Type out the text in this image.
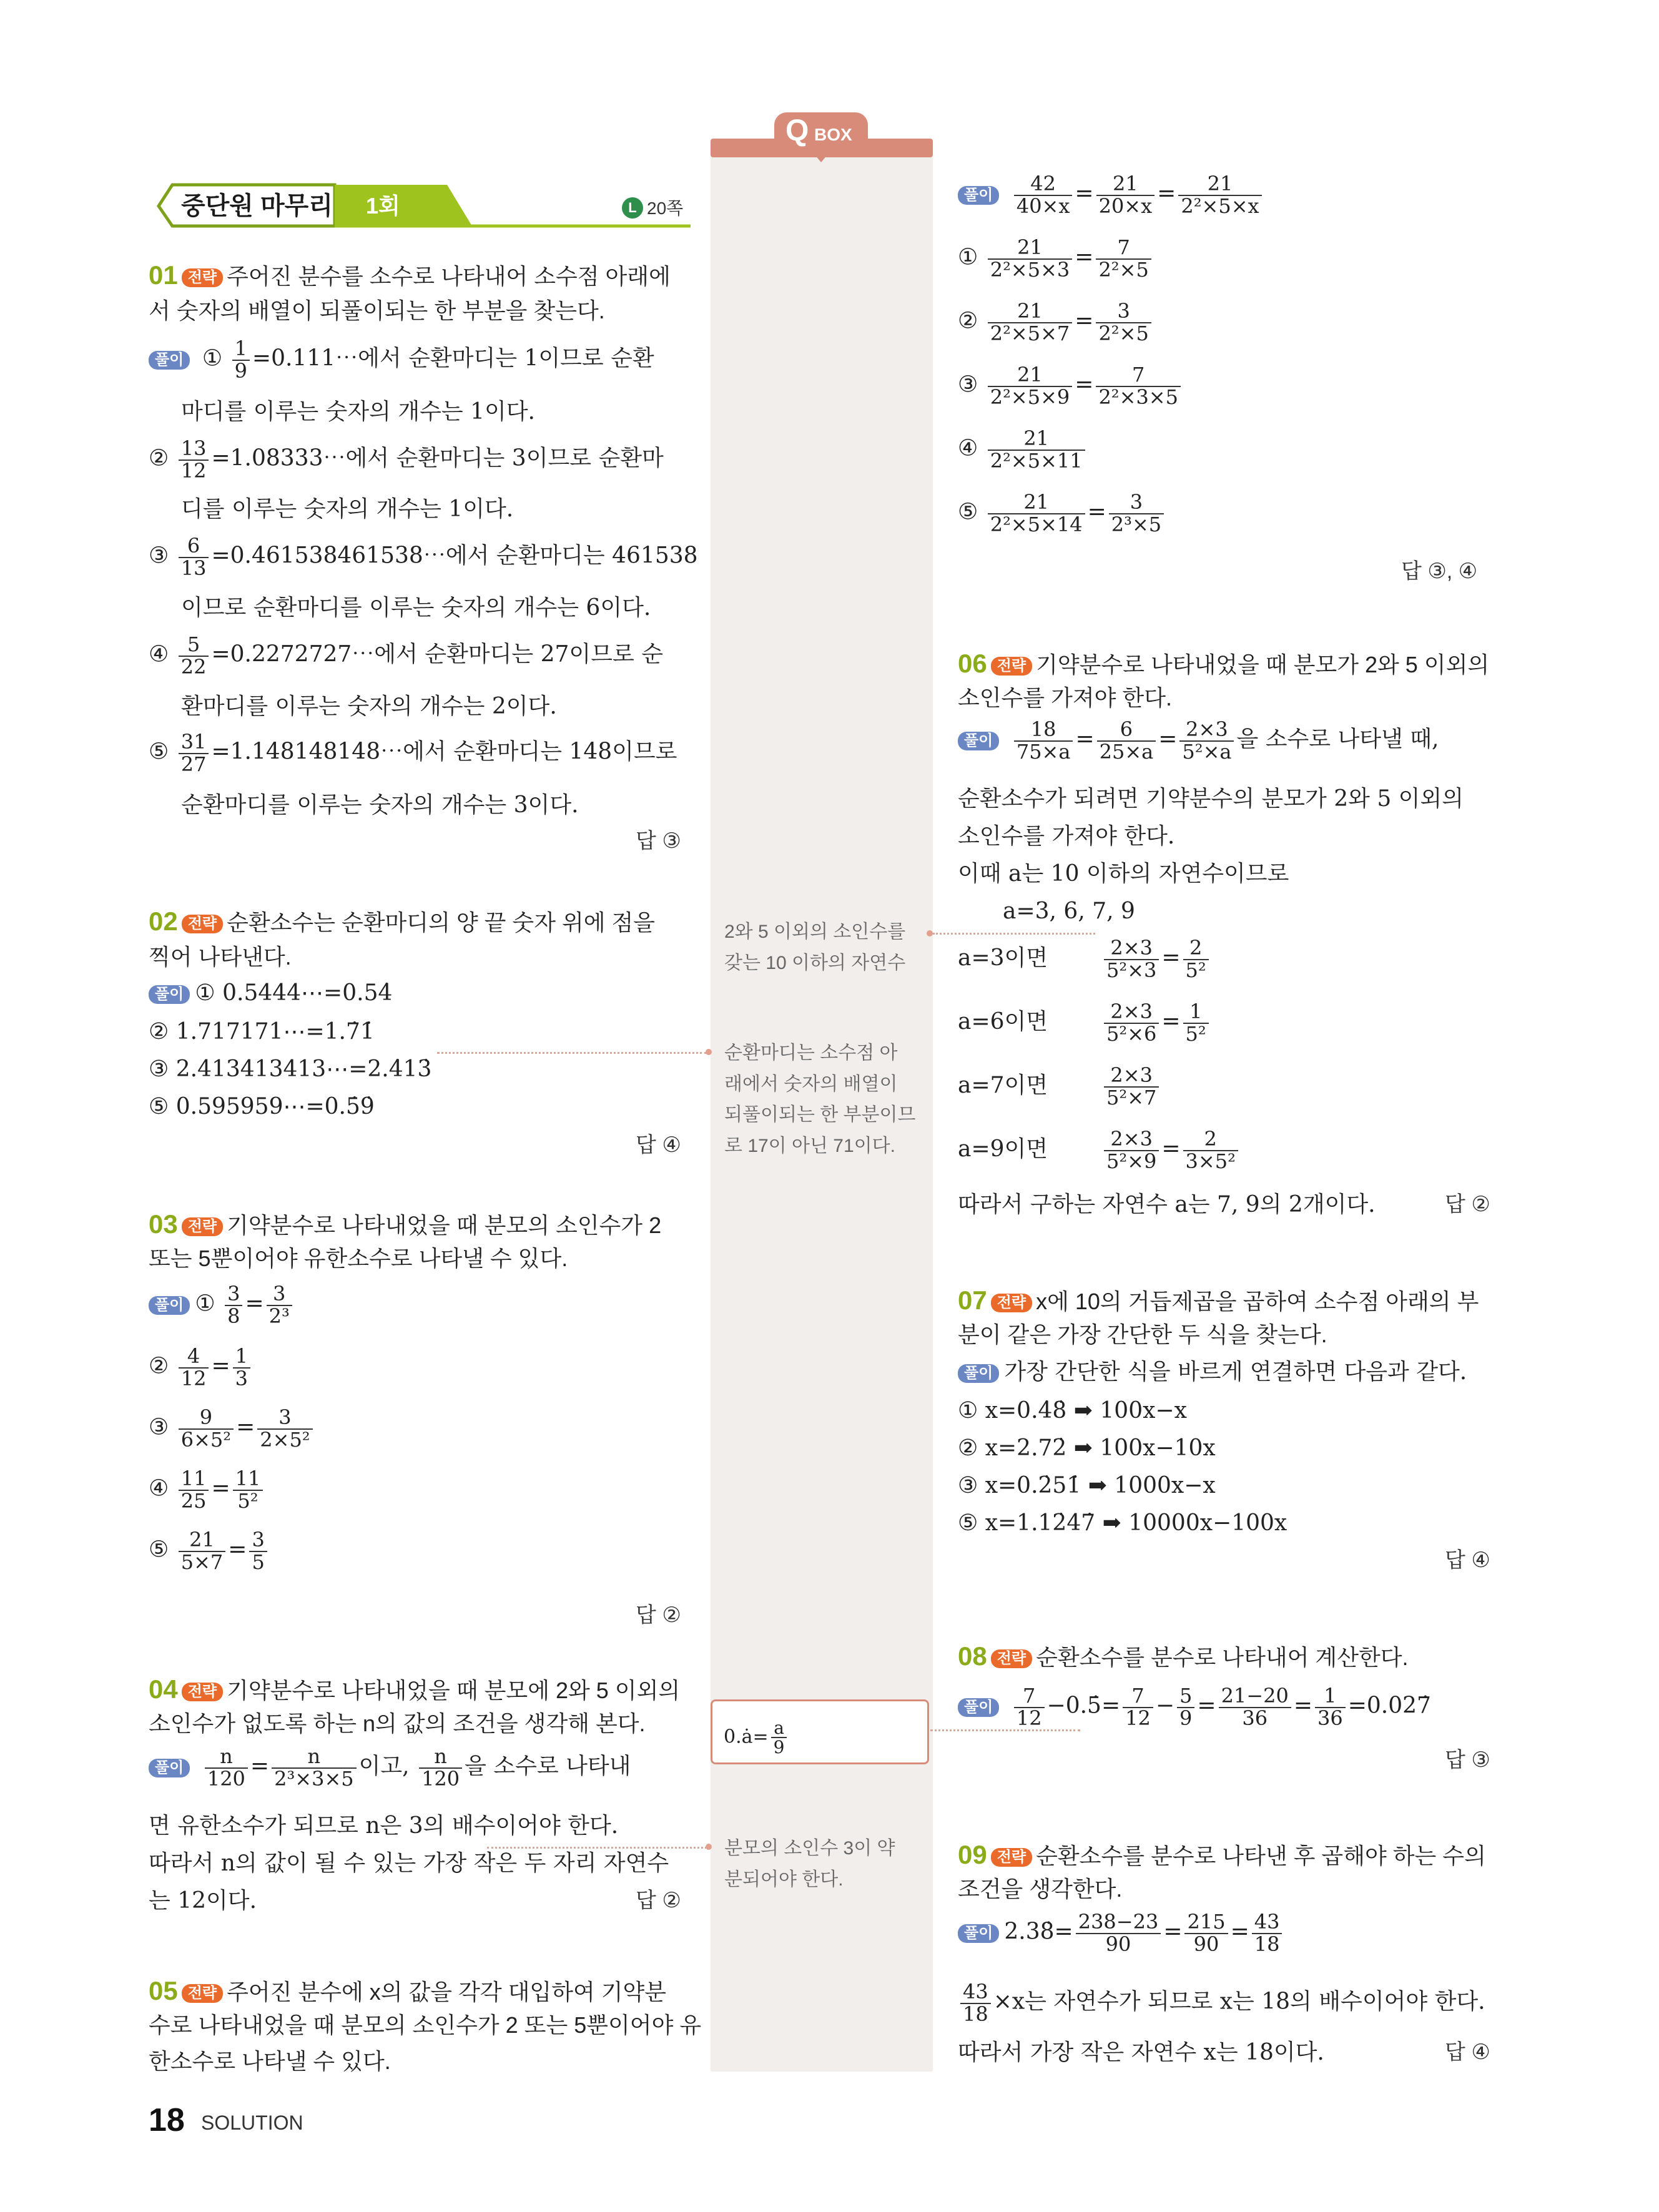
중단원 마무리 1회	L 20쪽
Q BOX
01 전략 주어진 분수를 소수로 나타내어 소수점 아래에
서 숫자의 배열이 되풀이되는 한 부분을 찾는다.
풀이 ① $\frac{1}{9}$ =0.111⋯에서 순환마디는 1이므로 순환
마디를 이루는 숫자의 개수는 1이다.
② $\frac{13}{12}$ =1.08333⋯에서 순환마디는 3이므로 순환마
디를 이루는 숫자의 개수는 1이다.
③ $\frac{6}{13}$ =0.461538461538⋯에서 순환마디는 461538
이므로 순환마디를 이루는 숫자의 개수는 6이다.
④ $\frac{5}{22}$ =0.2272727⋯에서 순환마디는 27이므로 순
환마디를 이루는 숫자의 개수는 2이다.
⑤ $\frac{31}{27}$ =1.148148148⋯에서 순환마디는 148이므로
순환마디를 이루는 숫자의 개수는 3이다.
답 ③
02 전략 순환소수는 순환마디의 양 끝 숫자 위에 점을
찍어 나타낸다.
풀이 ① 0.5444⋯=0.54̇
② 1.717171⋯=1.7̇1̇
③ 2.413413413⋯=2.4̇13̇
⑤ 0.595959⋯=0.5̇9̇
답 ④
03 전략 기약분수로 나타내었을 때 분모의 소인수가 2
또는 5뿐이어야 유한소수로 나타낼 수 있다.
풀이 ① $\frac{3}{8} = \frac{3}{\text{2³}}$
② $\frac{4}{12} = \frac{1}{3}$
③ $\frac{9}{\text{6×5²}} = \frac{3}{\text{2×5²}}$
④ $\frac{11}{25} = \frac{11}{\text{5²}}$
⑤ $\frac{21}{5\times 7} = \frac{3}{5}$
답 ②
04 전략 기약분수로 나타내었을 때 분모에 2와 5 이외의
소인수가 없도록 하는 n의 값의 조건을 생각해 본다.
풀이 $\frac{n}{120} = \frac{n}{\text{2³×3×5}}$ 이고, $\frac{n}{120}$ 을 소수로 나타내
면 유한소수가 되므로 n은 3의 배수이어야 한다.
따라서 n의 값이 될 수 있는 가장 작은 두 자리 자연수
는 12이다.	답 ②
05 전략 주어진 분수에 x의 값을 각각 대입하여 기약분
수로 나타내었을 때 분모의 소인수가 2 또는 5뿐이어야 유
한소수로 나타낼 수 있다.
18 SOLUTION
2와 5 이외의 소인수를
갖는 10 이하의 자연수
순환마디는 소수점 아
래에서 숫자의 배열이
되풀이되는 한 부분이므
로 17이 아닌 71이다.
0.ȧ= $\frac{a}{9}$
분모의 소인수 3이 약
분되어야 한다.
풀이 $\frac{42}{40\times x} = \frac{21}{20\times x} = \frac{21}{\text{2²×5×x}}$
① $\frac{21}{\text{2²×5×3}} = \frac{7}{\text{2²×5}}$
② $\frac{21}{\text{2²×5×7}} = \frac{3}{\text{2²×5}}$
③ $\frac{21}{\text{2²×5×9}} = \frac{7}{\text{2²×3×5}}$
④ $\frac{21}{\text{2²×5×11}}$
⑤ $\frac{21}{\text{2²×5×14}} = \frac{3}{\text{2³×5}}$
답 ③, ④
06 전략 기약분수로 나타내었을 때 분모가 2와 5 이외의
소인수를 가져야 한다.
풀이 $\frac{18}{75\times a} = \frac{6}{25\times a} = \frac{2\times 3}{\text{5²×a}}$ 을 소수로 나타낼 때,
순환소수가 되려면 기약분수의 분모가 2와 5 이외의
소인수를 가져야 한다.
이때 a는 10 이하의 자연수이므로
a=3, 6, 7, 9
a=3이면	$\frac{2\times 3}{\text{5²×3}} = \frac{2}{\text{5²}}$
a=6이면	$\frac{2\times 3}{\text{5²×6}} = \frac{1}{\text{5²}}$
a=7이면	$\frac{2\times 3}{\text{5²×7}}$
a=9이면	$\frac{2\times 3}{\text{5²×9}} = \frac{2}{\text{3×5²}}$
따라서 구하는 자연수 a는 7, 9의 2개이다.	답 ②
07 전략 x에 10의 거듭제곱을 곱하여 소수점 아래의 부
분이 같은 가장 간단한 두 식을 찾는다.
풀이 가장 간단한 식을 바르게 연결하면 다음과 같다.
① x=0.4̇8̇ ➡ 100x−x
② x=2.72̇ ➡ 100x−10x
③ x=0.2̇51̇ ➡ 1000x−x
⑤ x=1.12̇47̇ ➡ 10000x−100x
답 ④
08 전략 순환소수를 분수로 나타내어 계산한다.
풀이 $\frac{7}{12}$ −0.5̇= $\frac{7}{12} - \frac{5}{9} = \frac{21-20}{36} = \frac{1}{36}$ =0.027̇
답 ③
09 전략 순환소수를 분수로 나타낸 후 곱해야 하는 수의
조건을 생각한다.
풀이 2.38̇= $\frac{238-23}{90} = \frac{215}{90} = \frac{43}{18}$
$\frac{43}{18} \times x$는 자연수가 되므로 x는 18의 배수이어야 한다.
따라서 가장 작은 자연수 x는 18이다.	답 ④
